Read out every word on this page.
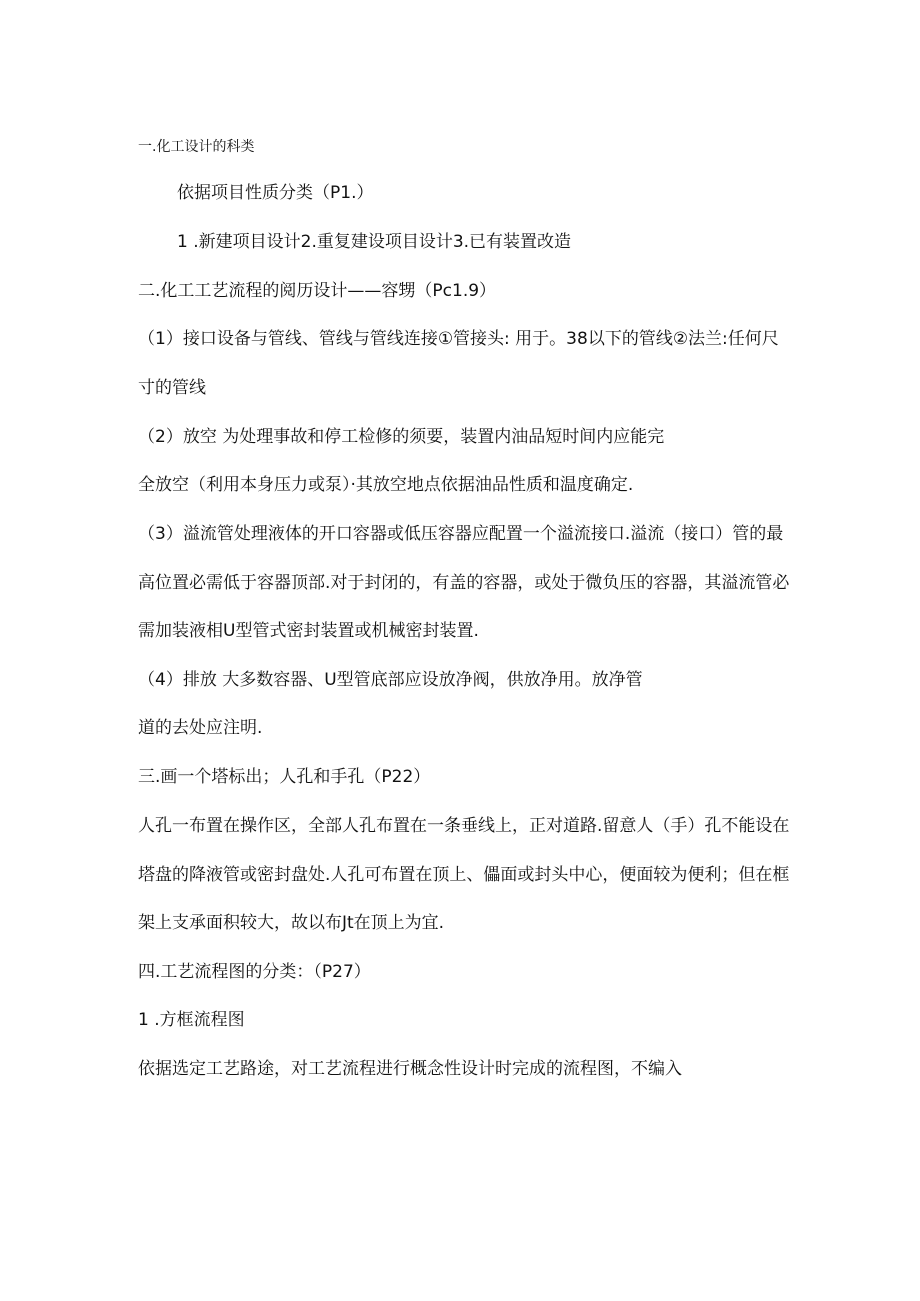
一.化工设计的科类
依据项目性质分类（P1.）
1 .新建项目设计2.重复建设项目设计3.已有装置改造
二.化工工艺流程的阅历设计——容甥（Pc1.9）
（1）接口设备与管线、管线与管线连接①管接头: 用于。38以下的管线②法兰:任何尺
寸的管线
（2）放空 为处理事故和停工检修的须要，装置内油品短时间内应能完
全放空（利用本身压力或泵）·其放空地点依据油品性质和温度确定.
（3）溢流管处理液体的开口容器或低压容器应配置一个溢流接口.溢流（接口）管的最
高位置必需低于容器顶部.对于封闭的，有盖的容器，或处于微负压的容器，其溢流管必
需加装液相U型管式密封装置或机械密封装置.
（4）排放 大多数容器、U型管底部应设放净阀，供放净用。放净管
道的去处应注明.
三.画一个塔标出；人孔和手孔（P22）
人孔一布置在操作区，全部人孔布置在一条垂线上，正对道路.留意人（手）孔不能设在
塔盘的降液管或密封盘处.人孔可布置在顶上、儡面或封头中心，便面较为便利；但在框
架上支承面积较大，故以布Jt在顶上为宜.
四.工艺流程图的分类：（P27）
1 .方框流程图
依据选定工艺路途，对工艺流程进行概念性设计时完成的流程图，不编入
